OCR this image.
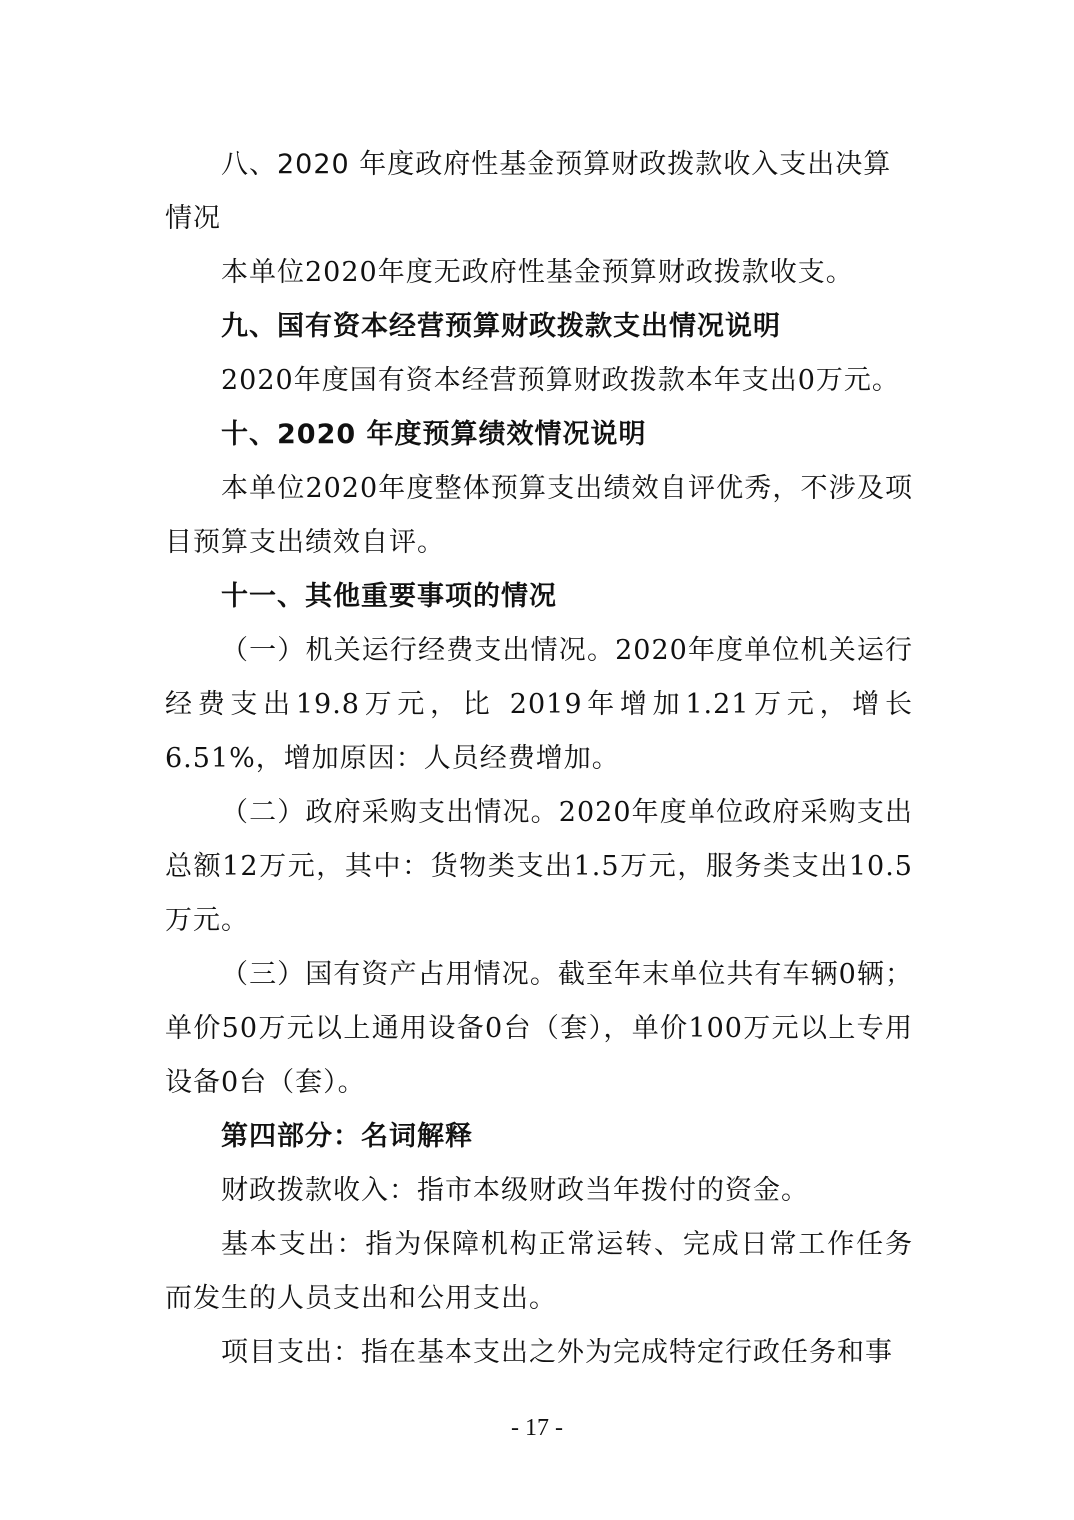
八、2020 年度政府性基金预算财政拨款收入支出决算情况

本单位2020年度无政府性基金预算财政拨款收支。

九、国有资本经营预算财政拨款支出情况说明

2020年度国有资本经营预算财政拨款本年支出0万元。

十、2020 年度预算绩效情况说明

本单位2020年度整体预算支出绩效自评优秀，不涉及项目预算支出绩效自评。

十一、其他重要事项的情况

（一）机关运行经费支出情况。2020年度单位机关运行经费支出19.8万元，比 2019年增加1.21万元，增长6.51%，增加原因：人员经费增加。

（二）政府采购支出情况。2020年度单位政府采购支出总额12万元，其中：货物类支出1.5万元，服务类支出10.5万元。

（三）国有资产占用情况。截至年末单位共有车辆0辆；单价50万元以上通用设备0台（套），单价100万元以上专用设备0台（套）。

第四部分：名词解释

财政拨款收入：指市本级财政当年拨付的资金。

基本支出：指为保障机构正常运转、完成日常工作任务而发生的人员支出和公用支出。

项目支出：指在基本支出之外为完成特定行政任务和事

- 17 -
